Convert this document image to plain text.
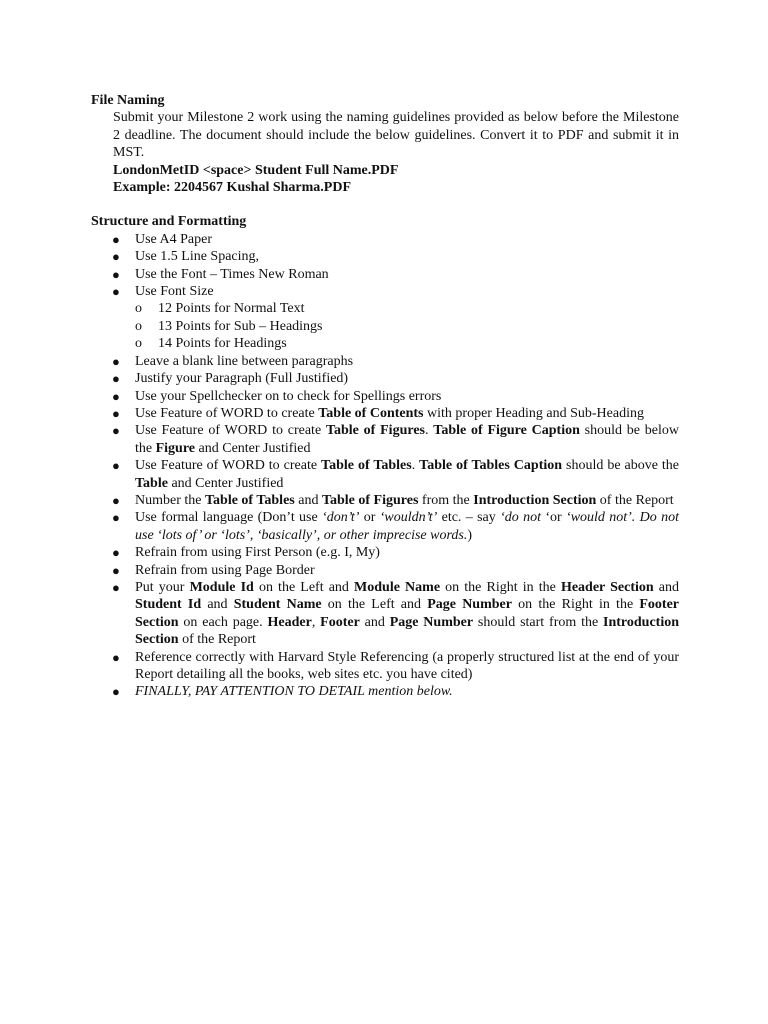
File Naming
Submit your Milestone 2 work using the naming guidelines provided as below before the Milestone 2 deadline. The document should include the below guidelines. Convert it to PDF and submit it in MST.
LondonMetID <space> Student Full Name.PDF
Example: 2204567 Kushal Sharma.PDF
Structure and Formatting
● Use A4 Paper
● Use 1.5 Line Spacing,
● Use the Font – Times New Roman
● Use Font Size
o 12 Points for Normal Text
o 13 Points for Sub – Headings
o 14 Points for Headings
● Leave a blank line between paragraphs
● Justify your Paragraph (Full Justified)
● Use your Spellchecker on to check for Spellings errors
● Use Feature of WORD to create Table of Contents with proper Heading and Sub-Heading
● Use Feature of WORD to create Table of Figures. Table of Figure Caption should be below the Figure and Center Justified
● Use Feature of WORD to create Table of Tables. Table of Tables Caption should be above the Table and Center Justified
● Number the Table of Tables and Table of Figures from the Introduction Section of the Report
● Use formal language (Don’t use ‘don’t’ or ‘wouldn’t’ etc. – say ‘do not ‘or ‘would not’. Do not use ‘lots of’ or ‘lots’, ‘basically’, or other imprecise words.)
● Refrain from using First Person (e.g. I, My)
● Refrain from using Page Border
● Put your Module Id on the Left and Module Name on the Right in the Header Section and Student Id and Student Name on the Left and Page Number on the Right in the Footer Section on each page. Header, Footer and Page Number should start from the Introduction Section of the Report
● Reference correctly with Harvard Style Referencing (a properly structured list at the end of your Report detailing all the books, web sites etc. you have cited)
● FINALLY, PAY ATTENTION TO DETAIL mention below.
